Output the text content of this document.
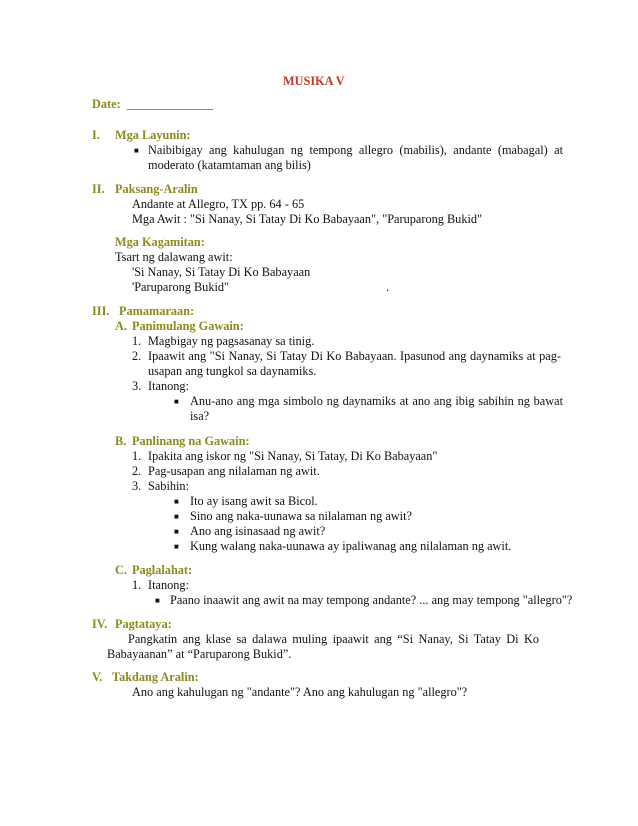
MUSIKA V
Date: ______________
I. Mga Layunin:
■ Naibibigay ang kahulugan ng tempong allegro (mabilis), andante (mabagal) at
moderato (katamtaman ang bilis)
II. Paksang-Aralin
Andante at Allegro, TX pp. 64 - 65
Mga Awit : "Si Nanay, Si Tatay Di Ko Babayaan", "Paruparong Bukid"
Mga Kagamitan:
Tsart ng dalawang awit:
'Si Nanay, Si Tatay Di Ko Babayaan
'Paruparong Bukid"	.
III. Pamamaraan:
A. Panimulang Gawain:
1. Magbigay ng pagsasanay sa tinig.
2. Ipaawit ang "Si Nanay, Si Tatay Di Ko Babayaan. Ipasunod ang daynamiks at pag-
usapan ang tungkol sa daynamiks.
3. Itanong:
■ Anu-ano ang mga simbolo ng daynamiks at ano ang ibig sabihin ng bawat
isa?
B. Panlinang na Gawain:
1. Ipakita ang iskor ng "Si Nanay, Si Tatay, Di Ko Babayaan"
2. Pag-usapan ang nilalaman ng awit.
3. Sabihin:
■ Ito ay isang awit sa Bicol.
■ Sino ang naka-uunawa sa nilalaman ng awit?
■ Ano ang isinasaad ng awit?
■ Kung walang naka-uunawa ay ipaliwanag ang nilalaman ng awit.
C. Paglalahat:
1. Itanong:
■ Paano inaawit ang awit na may tempong andante? ... ang may tempong "allegro"?
IV. Pagtataya:
Pangkatin ang klase sa dalawa muling ipaawit ang “Si Nanay, Si Tatay Di Ko
Babayaanan” at “Paruparong Bukid”.
V. Takdang Aralin:
Ano ang kahulugan ng "andante"? Ano ang kahulugan ng "allegro"?
